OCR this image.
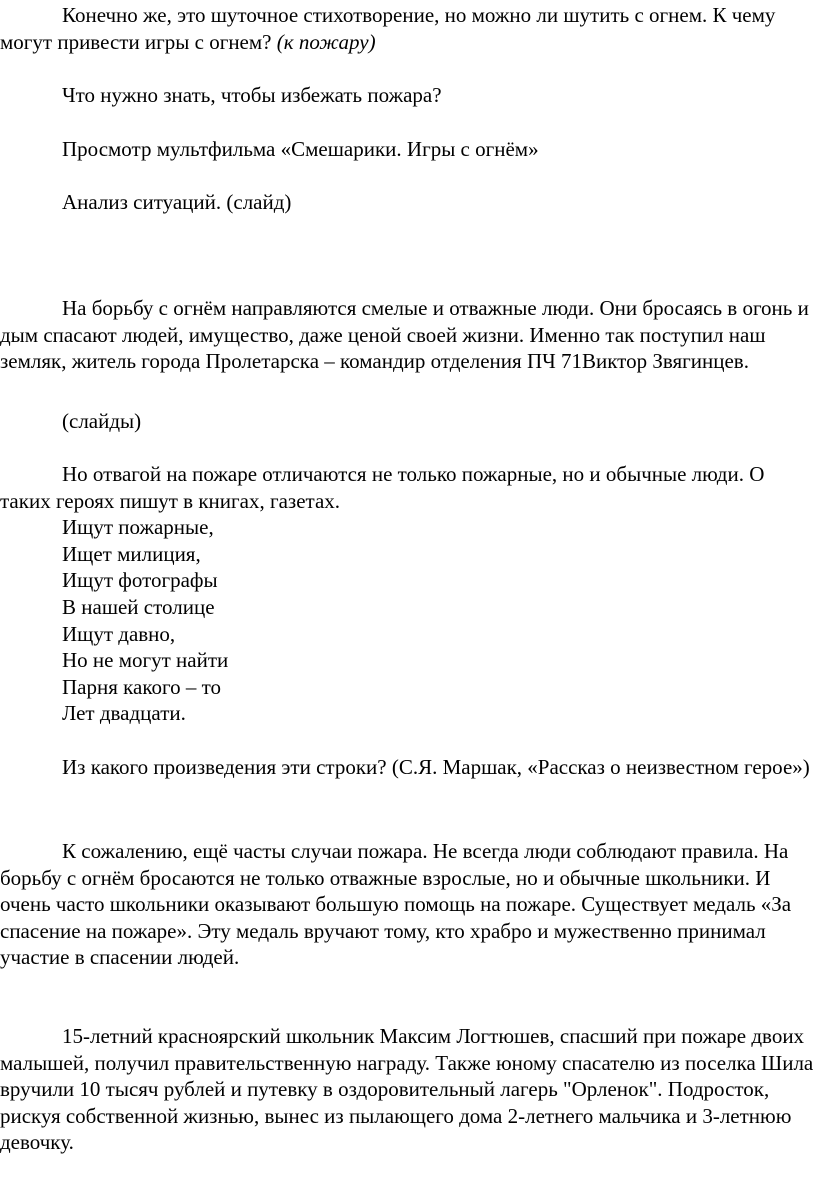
Конечно же, это шуточное стихотворение, но можно ли шутить с огнем. К чему могут привести игры с огнем? (к пожару)

Что нужно знать, чтобы избежать пожара?

Просмотр мультфильма «Смешарики. Игры с огнём»

Анализ ситуаций. (слайд)

На борьбу с огнём направляются смелые и отважные люди. Они бросаясь в огонь и дым спасают людей, имущество, даже ценой своей жизни. Именно так поступил наш земляк, житель города Пролетарска – командир отделения ПЧ 71Виктор Звягинцев.

(слайды)

Но отвагой на пожаре отличаются не только пожарные, но и обычные люди. О таких героях пишут в книгах, газетах.

Ищут пожарные,

Ищет милиция,

Ищут фотографы

В нашей столице

Ищут давно,

Но не могут найти

Парня какого – то

Лет двадцати.

Из какого произведения эти строки? (С.Я. Маршак, «Рассказ о неизвестном герое»)

К сожалению, ещё часты случаи пожара. Не всегда люди соблюдают правила. На борьбу с огнём бросаются не только отважные взрослые, но и обычные школьники. И очень часто школьники оказывают большую помощь на пожаре. Существует медаль «За спасение на пожаре». Эту медаль вручают тому, кто храбро и мужественно принимал участие в спасении людей.

15-летний красноярский школьник Максим Логтюшев, спасший при пожаре двоих малышей, получил правительственную награду. Также юному спасателю из поселка Шила вручили 10 тысяч рублей и путевку в оздоровительный лагерь "Орленок". Подросток, рискуя собственной жизнью, вынес из пылающего дома 2-летнего мальчика и 3-летнюю девочку.
